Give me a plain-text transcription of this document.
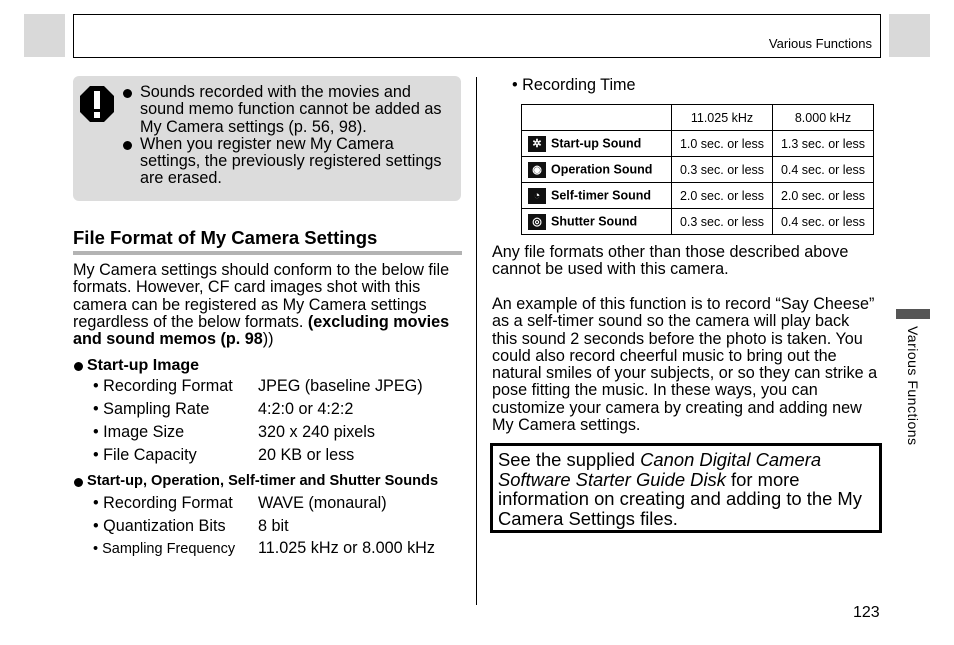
Various Functions
Sounds recorded with the movies and sound memo function cannot be added as My Camera settings (p. 56, 98).
When you register new My Camera settings, the previously registered settings are erased.
File Format of My Camera Settings
My Camera settings should conform to the below file formats. However, CF card images shot with this camera can be registered as My Camera settings regardless of the below formats. (excluding movies and sound memos (p. 98))
Start-up Image
• Recording Format JPEG (baseline JPEG)
• Sampling Rate	4:2:0 or 4:2:2
• Image Size	320 x 240 pixels
• File Capacity	20 KB or less
Start-up, Operation, Self-timer and Shutter Sounds
• Recording Format WAVE (monaural)
• Quantization Bits 8 bit
• Sampling Frequency 11.025 kHz or 8.000 kHz
• Recording Time
	11.025 kHz	8.000 kHz
✲ Start-up Sound	1.0 sec. or less	1.3 sec. or less
◉ Operation Sound	0.3 sec. or less	0.4 sec. or less
◔ Self-timer Sound	2.0 sec. or less	2.0 sec. or less
◎ Shutter Sound	0.3 sec. or less	0.4 sec. or less
Any file formats other than those described above cannot be used with this camera.
An example of this function is to record “Say Cheese” as a self-timer sound so the camera will play back this sound 2 seconds before the photo is taken. You could also record cheerful music to bring out the natural smiles of your subjects, or so they can strike a pose fitting the music. In these ways, you can customize your camera by creating and adding new My Camera settings.

See the supplied Canon Digital Camera Software Starter Guide Disk for more information on creating and adding to the My Camera Settings files.

Various Functions
123
